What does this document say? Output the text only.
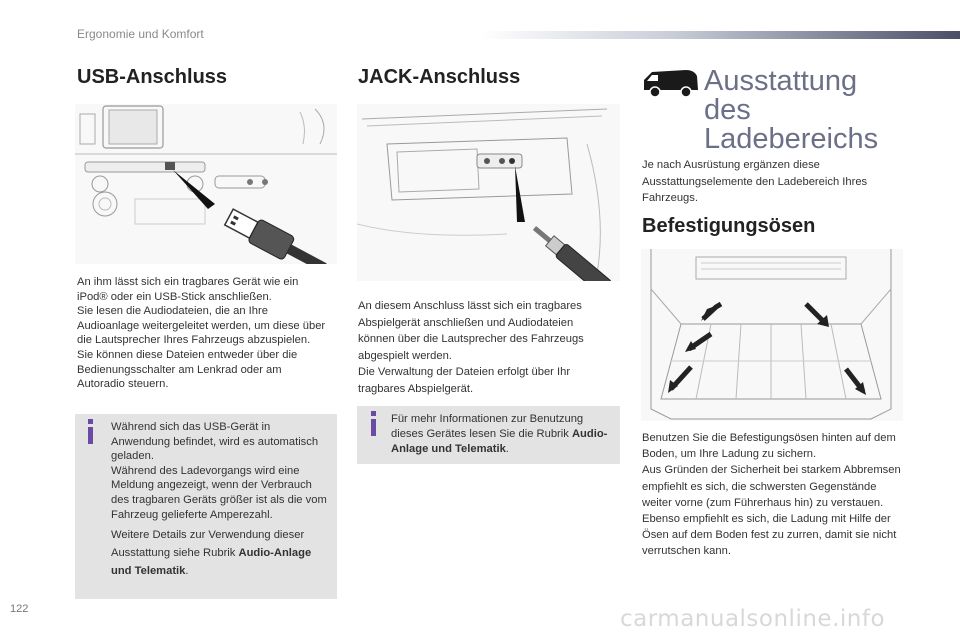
Ergonomie und Komfort
USB-Anschluss

An ihm lässt sich ein tragbares Gerät wie ein iPod® oder ein USB-Stick anschließen.

Sie lesen die Audiodateien, die an Ihre Audioanlage weitergeleitet werden, um diese über die Lautsprecher Ihres Fahrzeugs abzuspielen.

Sie können diese Dateien entweder über die Bedienungsschalter am Lenkrad oder am Autoradio steuern.

Während sich das USB-Gerät in Anwendung befindet, wird es automatisch geladen.

Während des Ladevorgangs wird eine Meldung angezeigt, wenn der Verbrauch des tragbaren Geräts größer ist als die vom Fahrzeug gelieferte Amperezahl.

Weitere Details zur Verwendung dieser Ausstattung siehe Rubrik Audio-Anlage und Telematik.

JACK-Anschluss

An diesem Anschluss lässt sich ein tragbares Abspielgerät anschließen und Audiodateien können über die Lautsprecher des Fahrzeugs abgespielt werden.

Die Verwaltung der Dateien erfolgt über Ihr tragbares Abspielgerät.

Für mehr Informationen zur Benutzung dieses Gerätes lesen Sie die Rubrik Audio-Anlage und Telematik.
Ausstattung
des
Ladebereichs
Je nach Ausrüstung ergänzen diese Ausstattungselemente den Ladebereich Ihres Fahrzeugs.
Befestigungsösen

Benutzen Sie die Befestigungsösen hinten auf dem Boden, um Ihre Ladung zu sichern.

Aus Gründen der Sicherheit bei starkem Abbremsen empfiehlt es sich, die schwersten Gegenstände weiter vorne (zum Führerhaus hin) zu verstauen.

Ebenso empfiehlt es sich, die Ladung mit Hilfe der Ösen auf dem Boden fest zu zurren, damit sie nicht verrutschen kann.

122	carmanualsonline.info
